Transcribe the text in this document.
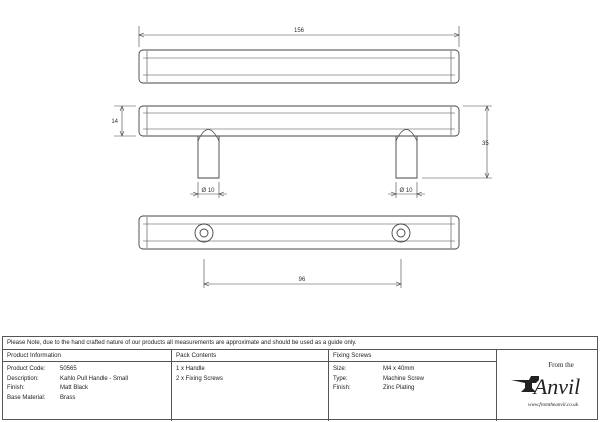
156
14
35
Ø 10	Ø 10
96
Please Note, due to the hand crafted nature of our products all measurements are approximate and should be used as a guide only.
Product Information
Product Code:	50565
Description:	Kahlo Pull Handle - Small
Finish:	Matt Black
Base Material:	Brass
Pack Contents
1 x Handle
2 x Fixing Screws
Fixing Screws
Size:	M4 x 40mm
Type:	Machine Screw
Finish:	Zinc Plating
From the
Anvil
www.fromtheanvil.co.uk
